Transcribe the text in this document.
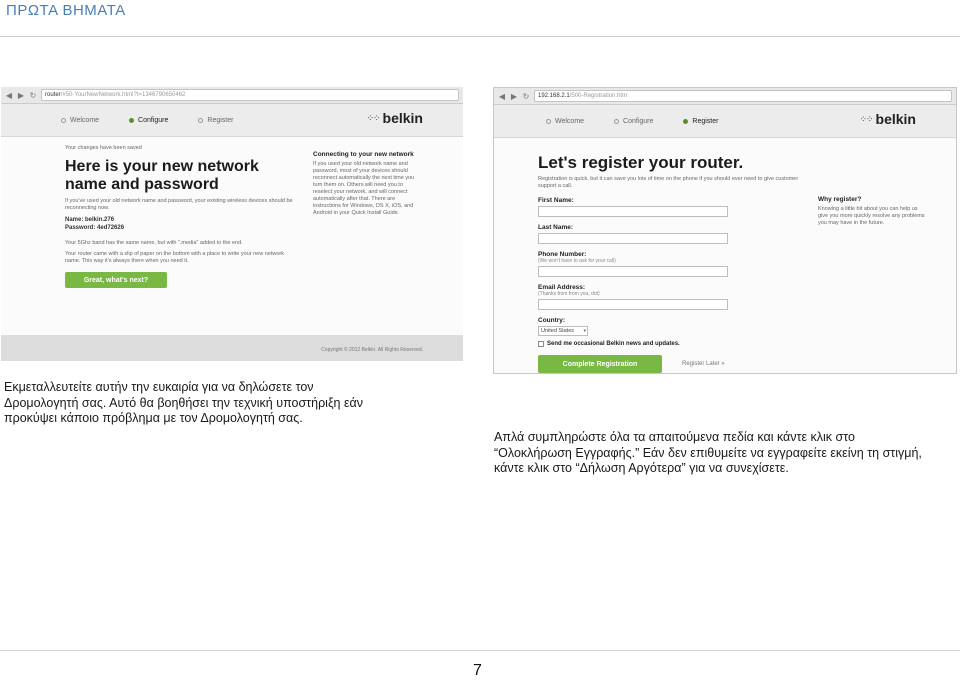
ΠΡΩΤΑ ΒΗΜΑΤΑ
◀ ▶ ↻	router/#50-YourNewNetwork.html?t=1346790650462
Welcome	Configure	Register	⁘⁘ belkin
Your changes have been saved
Here is your new network name and password
If you've used your old network name and password, your existing wireless devices should be reconnecting now.
Name: belkin.276
Password: 4ed72626
Your 5Ghz band has the same name, but with ".media" added to the end.
Your router came with a slip of paper on the bottom with a place to write your new network name. This way it's always there when you need it.
Great, what's next?
Connecting to your new network
If you used your old network name and password, most of your devices should reconnect automatically the next time you turn them on. Others will need you to reselect your network, and will connect automatically after that. There are instructions for Windows, OS X, iOS, and Android in your Quick Install Guide.
Copyright © 2012 Belkin. All Rights Reserved.
◀ ▶ ↻	192.168.2.1/500-Registration.htm
Welcome	Configure	Register	⁘⁘ belkin
Let's register your router.
Registration is quick, but it can save you lots of time on the phone if you should ever need to give customer support a call.
First Name:
Last Name:
Phone Number:
(We won't have to ask for your call)
Email Address:
(Thanks from from you, dot)
Country:
United States ▾
Send me occasional Belkin news and updates.
Complete Registration	Register Later »
Why register?
Knowing a little bit about you can help us give you more quickly resolve any problems you may have in the future.
Εκμεταλλευτείτε αυτήν την ευκαιρία για να δηλώσετε τον Δρομολογητή σας. Αυτό θα βοηθήσει την τεχνική υποστήριξη εάν προκύψει κάποιο πρόβλημα με τον Δρομολογητή σας.
Απλά συμπληρώστε όλα τα απαιτούμενα πεδία και κάντε κλικ στο “Ολοκλήρωση Εγγραφής.” Εάν δεν επιθυμείτε να εγγραφείτε εκείνη τη στιγμή, κάντε κλικ στο “Δήλωση Αργότερα” για να συνεχίσετε.
7
